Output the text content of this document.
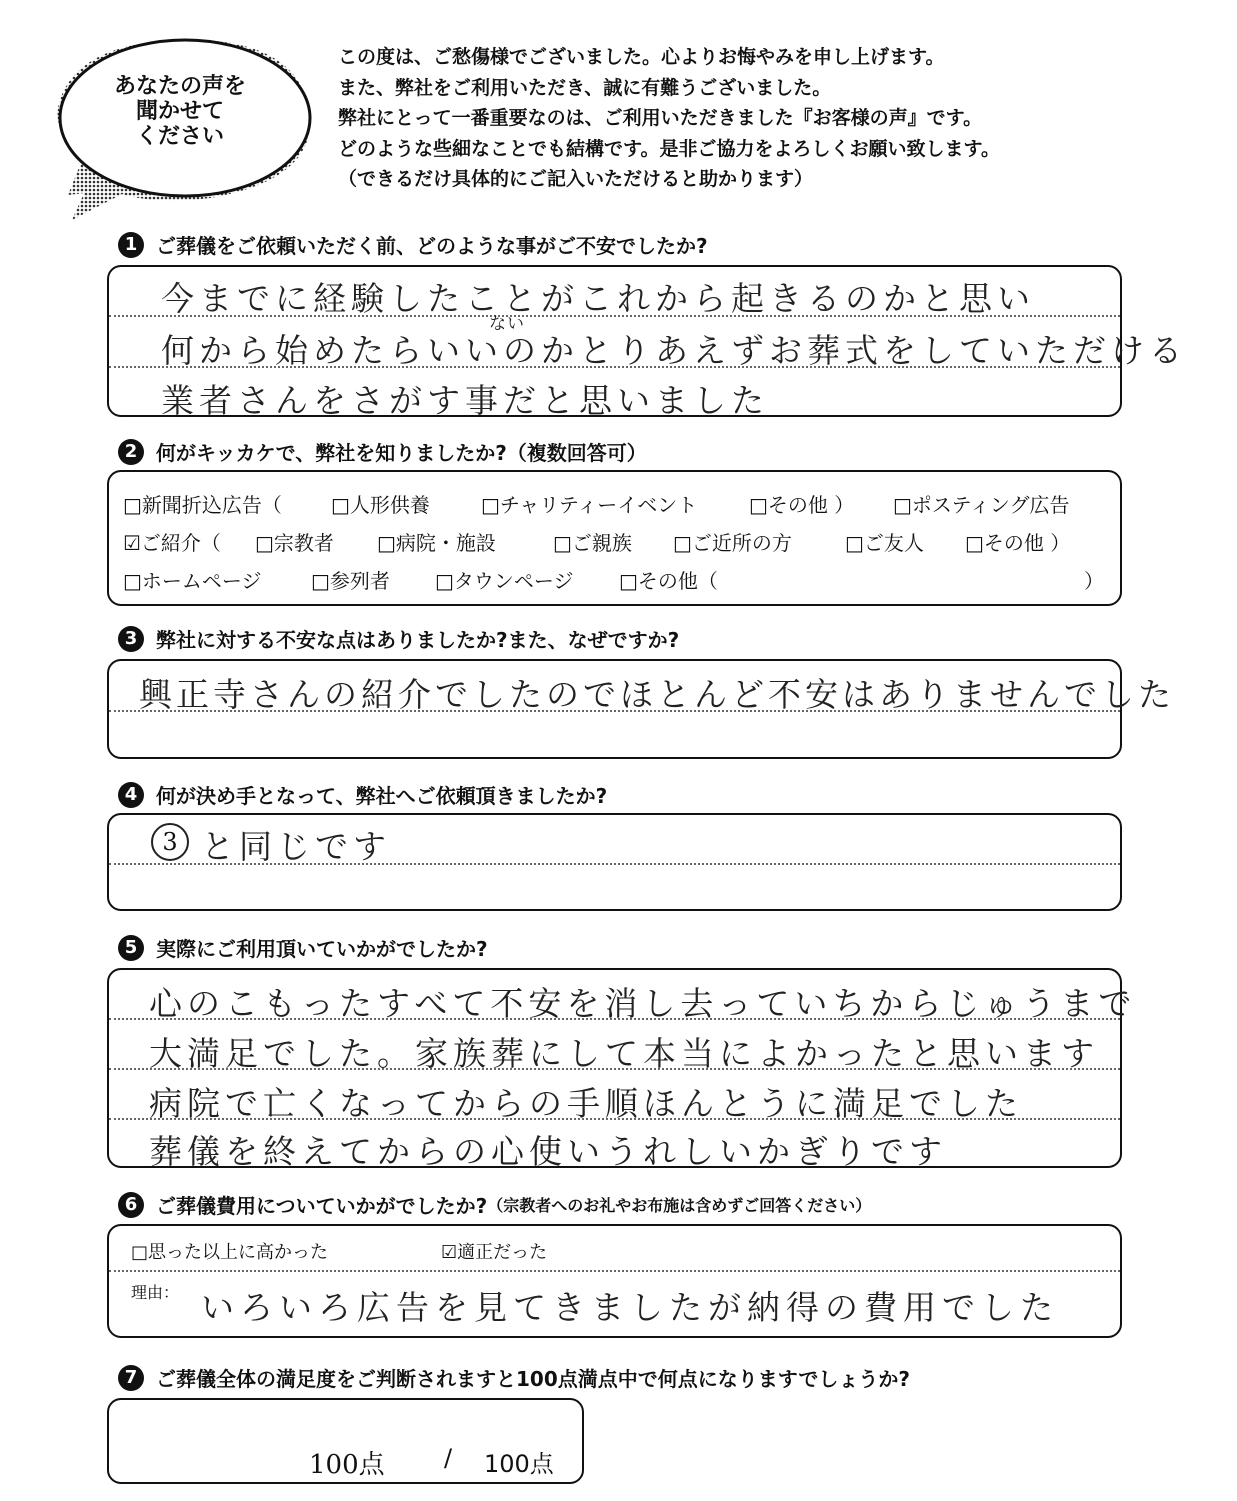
あなたの声を
聞かせて
ください
この度は、ご愁傷様でございました。心よりお悔やみを申し上げます。
また、弊社をご利用いただき、誠に有難うございました。
弊社にとって一番重要なのは、ご利用いただきました『お客様の声』です。
どのような些細なことでも結構です。是非ご協力をよろしくお願い致します。
（できるだけ具体的にご記入いただけると助かります）
1 ご葬儀をご依頼いただく前、どのような事がご不安でしたか?
今までに経験したことがこれから起きるのかと思い
ない
何から始めたらいいのかとりあえずお葬式をしていただける
業者さんをさがす事だと思いました
2 何がキッカケで、弊社を知りましたか?（複数回答可）
□新聞折込広告（ □人形供養	□チャリティーイベント	□その他 ） □ポスティング広告
☑ご紹介（ □宗教者 □病院・施設	□ご親族 □ご近所の方	□ご友人 □その他 ）
□ホームページ □参列者 □タウンページ □その他（	）
3 弊社に対する不安な点はありましたか?また、なぜですか?
興正寺さんの紹介でしたのでほとんど不安はありませんでした
4 何が決め手となって、弊社へご依頼頂きましたか?
3 と同じです
5 実際にご利用頂いていかがでしたか?
心のこもったすべて不安を消し去っていちからじゅうまで
大満足でした。家族葬にして本当によかったと思います
病院で亡くなってからの手順ほんとうに満足でした
葬儀を終えてからの心使いうれしいかぎりです
6 ご葬儀費用についていかがでしたか? （宗教者へのお礼やお布施は含めずご回答ください）
□思った以上に高かった	☑適正だった
理由： いろいろ広告を見てきましたが納得の費用でした
7 ご葬儀全体の満足度をご判断されますと100点満点中で何点になりますでしょうか?
100点 / 100点
